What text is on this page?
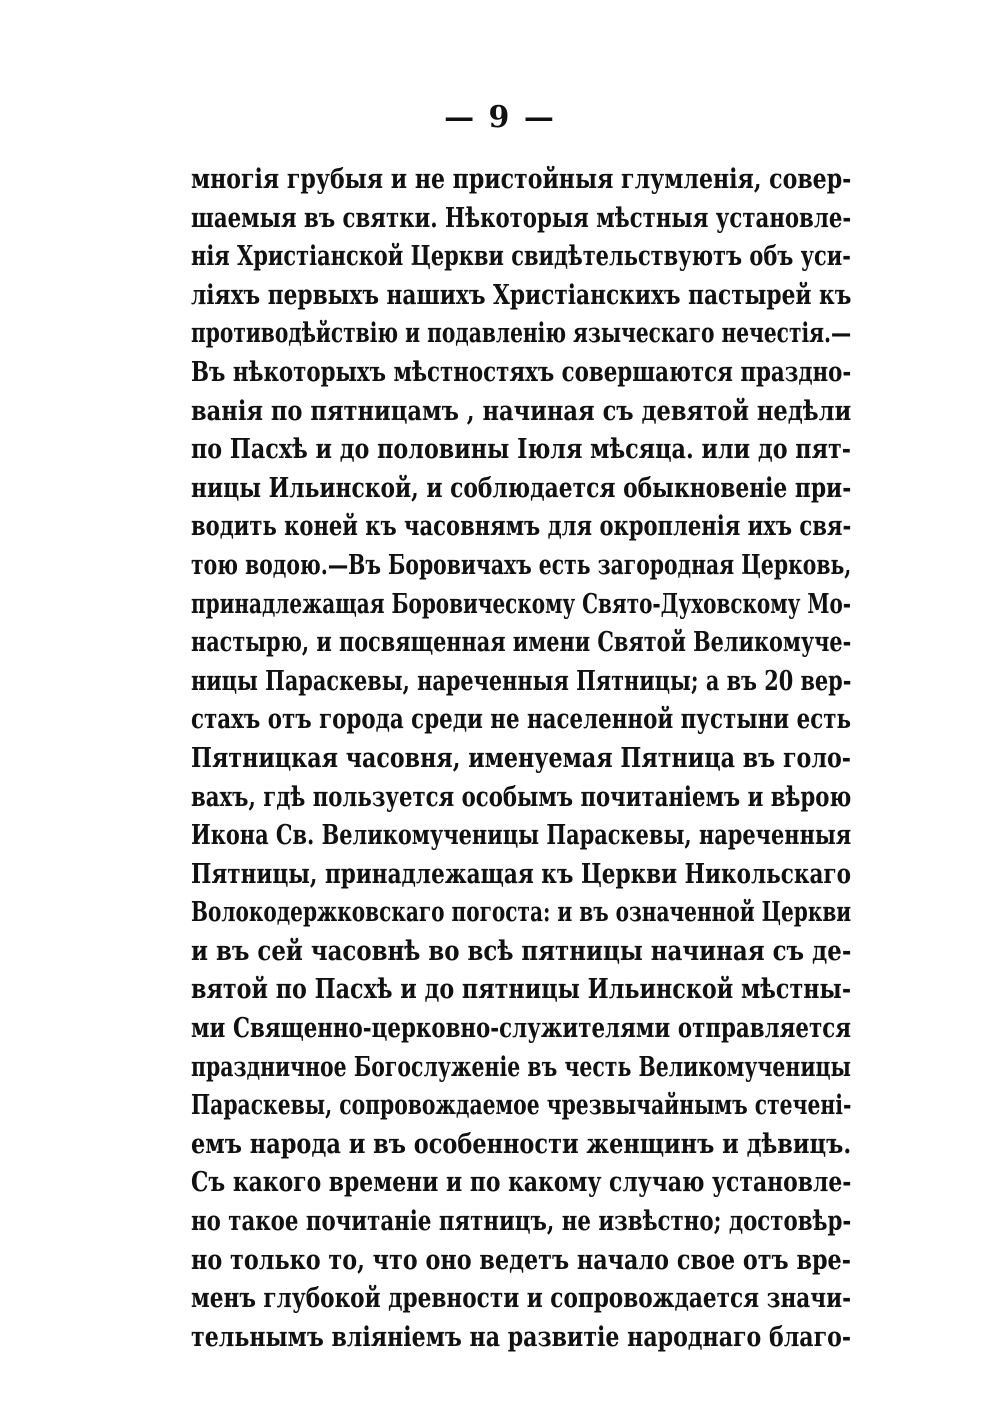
— 9 —
многія грубыя и не пристойныя глумленія, совер-
шаемыя въ святки. Нѣкоторыя мѣстныя установле-
нія Христіанской Церкви свидѣтельствуютъ объ уси-
ліяхъ первыхъ нашихъ Христіанскихъ пастырей къ
противодѣйствію и подавленію языческаго нечестія.—
Въ нѣкоторыхъ мѣстностяхъ совершаются праздно-
ванія по пятницамъ , начиная съ девятой недѣли
по Пасхѣ и до половины Іюля мѣсяца. или до пят-
ницы Ильинской, и соблюдается обыкновеніе при-
водить коней къ часовнямъ для окропленія ихъ свя-
тою водою.—Въ Боровичахъ есть загородная Церковь,
принадлежащая Боровическому Свято-Духовскому Мо-
настырю, и посвященная имени Святой Великомуче-
ницы Параскевы, нареченныя Пятницы; а въ 20 вер-
стахъ отъ города среди не населенной пустыни есть
Пятницкая часовня, именуемая Пятница въ голо-
вахъ, гдѣ пользуется особымъ почитаніемъ и вѣрою
Икона Св. Великомученицы Параскевы, нареченныя
Пятницы, принадлежащая къ Церкви Никольскаго
Волокодержковскаго погоста: и въ означенной Церкви
и въ сей часовнѣ во всѣ пятницы начиная съ де-
вятой по Пасхѣ и до пятницы Ильинской мѣстны-
ми Священно-церковно-служителями отправляется
праздничное Богослуженіе въ честь Великомученицы
Параскевы, сопровождаемое чрезвычайнымъ стеченi-
емъ народа и въ особенности женщинъ и дѣвицъ.
Съ какого времени и по какому случаю установле-
но такое почитаніе пятницъ, не извѣстно; достовѣр-
но только то, что оно ведетъ начало свое отъ вре-
менъ глубокой древности и сопровождается значи-
тельнымъ вліяніемъ на развитіе народнаго благо-
